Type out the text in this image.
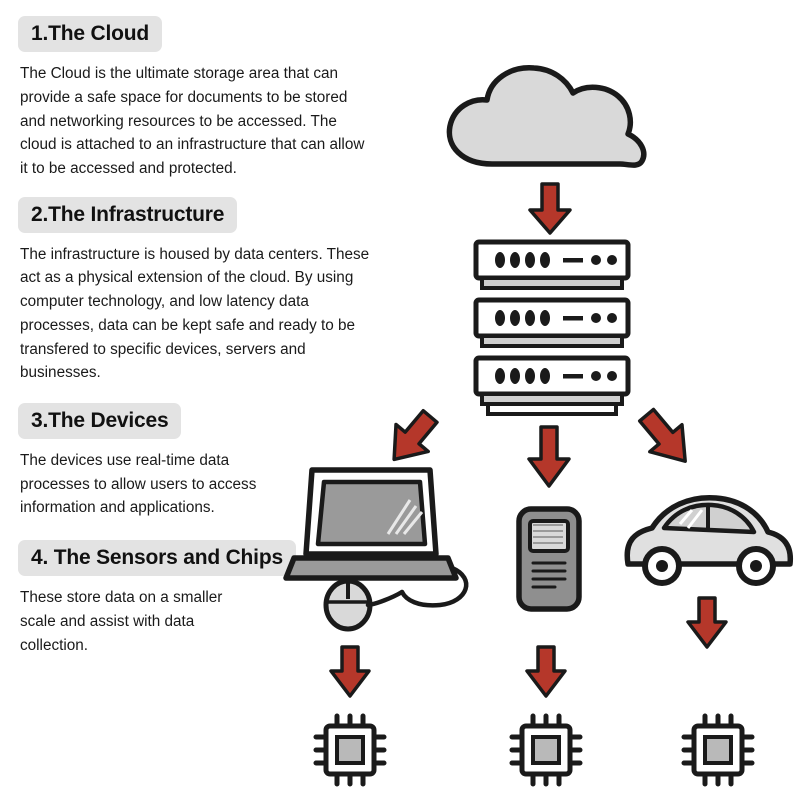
1.The Cloud
The Cloud is the ultimate storage area that can provide a safe space for documents to be stored and networking resources to be accessed. The cloud is attached to an infrastructure that can allow it to be accessed and protected.
2.The Infrastructure
The infrastructure is housed by data centers. These act as a physical extension of the cloud. By using computer technology, and low latency data processes, data can be kept safe and ready to be transfered to specific devices, servers and businesses.
3.The Devices
The devices use real-time data processes to allow users to access information and applications.
4. The Sensors and Chips
These store data on a smaller scale and assist with data collection.
